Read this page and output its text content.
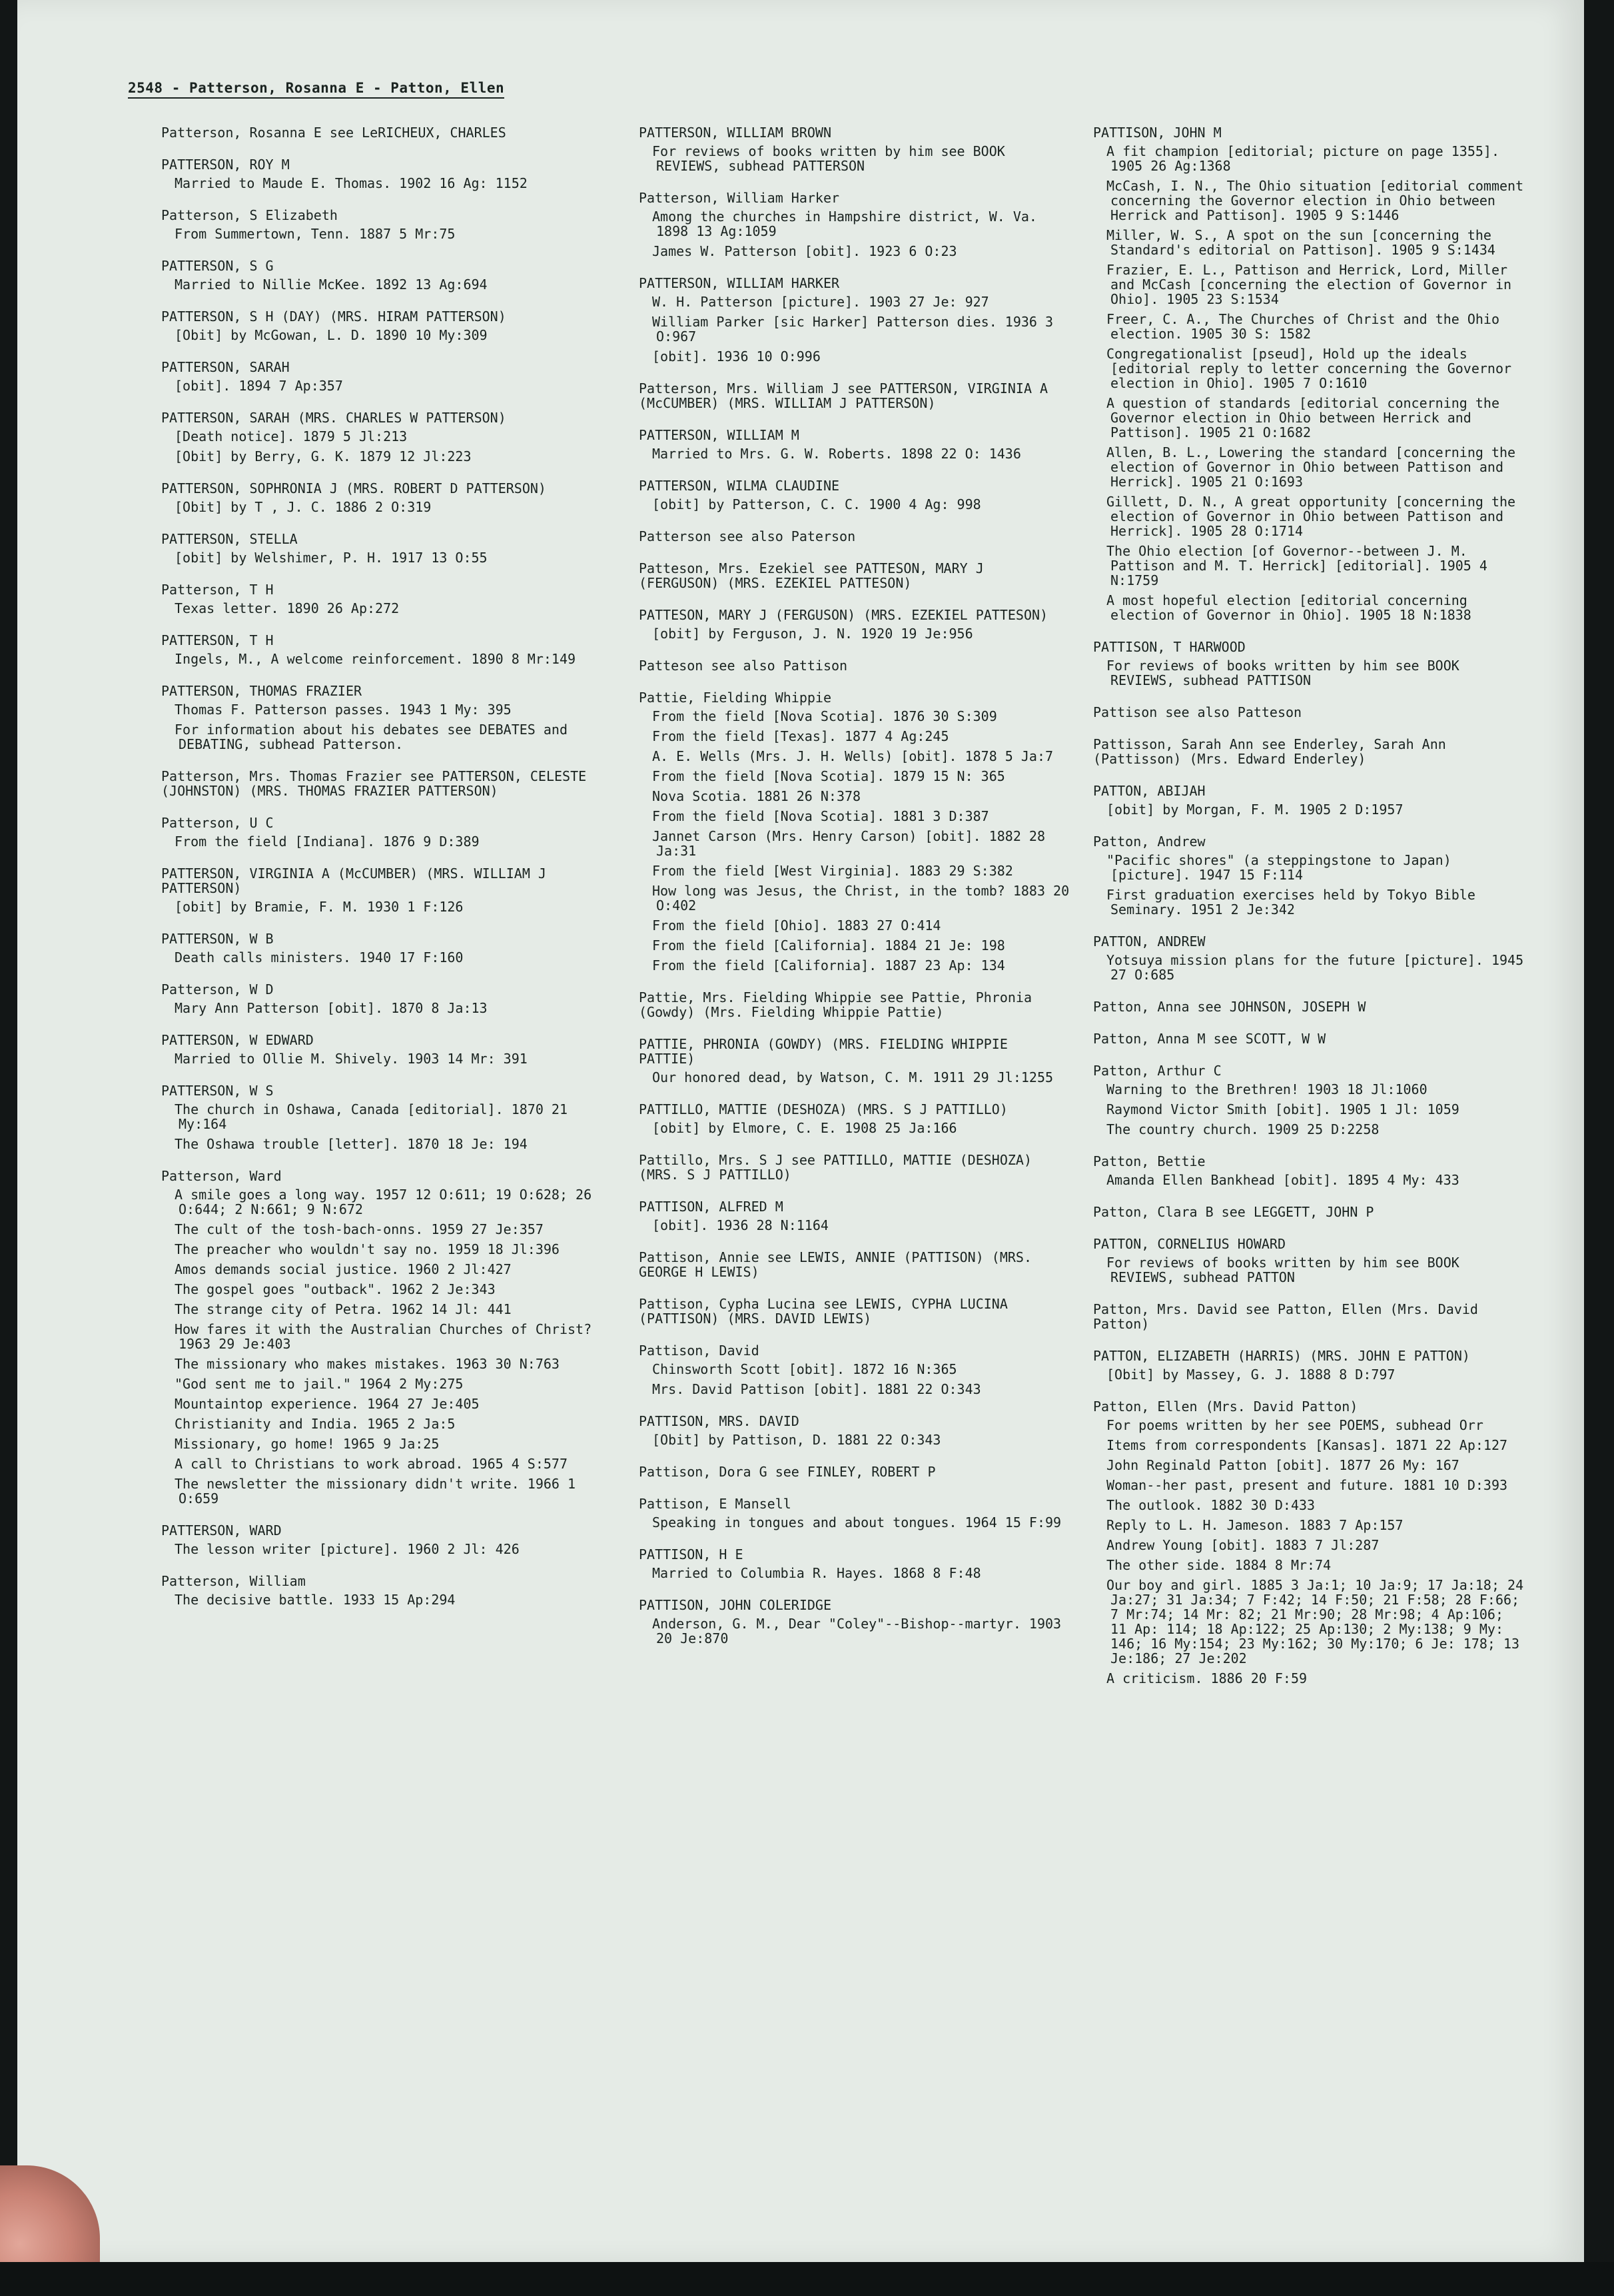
2548 - Patterson, Rosanna E - Patton, Ellen
Patterson, Rosanna E see LeRICHEUX, CHARLES
PATTERSON, ROY M
Married to Maude E. Thomas. 1902 16 Ag: 1152
Patterson, S Elizabeth
From Summertown, Tenn. 1887 5 Mr:75
PATTERSON, S G
Married to Nillie McKee. 1892 13 Ag:694
PATTERSON, S H (DAY) (MRS. HIRAM PATTERSON)
[Obit] by McGowan, L. D. 1890 10 My:309
PATTERSON, SARAH
[obit]. 1894 7 Ap:357
PATTERSON, SARAH (MRS. CHARLES W PATTERSON)
[Death notice]. 1879 5 Jl:213
[Obit] by Berry, G. K. 1879 12 Jl:223
PATTERSON, SOPHRONIA J (MRS. ROBERT D PATTERSON)
[Obit] by T , J. C. 1886 2 O:319
PATTERSON, STELLA
[obit] by Welshimer, P. H. 1917 13 O:55
Patterson, T H
Texas letter. 1890 26 Ap:272
PATTERSON, T H
Ingels, M., A welcome reinforcement. 1890 8 Mr:149
PATTERSON, THOMAS FRAZIER
Thomas F. Patterson passes. 1943 1 My: 395
For information about his debates see DEBATES and DEBATING, subhead Patterson.
Patterson, Mrs. Thomas Frazier see PATTERSON, CELESTE (JOHNSTON) (MRS. THOMAS FRAZIER PATTERSON)
Patterson, U C
From the field [Indiana]. 1876 9 D:389
PATTERSON, VIRGINIA A (McCUMBER) (MRS. WILLIAM J PATTERSON)
[obit] by Bramie, F. M. 1930 1 F:126
PATTERSON, W B
Death calls ministers. 1940 17 F:160
Patterson, W D
Mary Ann Patterson [obit]. 1870 8 Ja:13
PATTERSON, W EDWARD
Married to Ollie M. Shively. 1903 14 Mr: 391
PATTERSON, W S
The church in Oshawa, Canada [editorial]. 1870 21 My:164
The Oshawa trouble [letter]. 1870 18 Je: 194
Patterson, Ward
A smile goes a long way. 1957 12 O:611; 19 O:628; 26 O:644; 2 N:661; 9 N:672
The cult of the tosh-bach-onns. 1959 27 Je:357
The preacher who wouldn't say no. 1959 18 Jl:396
Amos demands social justice. 1960 2 Jl:427
The gospel goes "outback". 1962 2 Je:343
The strange city of Petra. 1962 14 Jl: 441
How fares it with the Australian Churches of Christ? 1963 29 Je:403
The missionary who makes mistakes. 1963 30 N:763
"God sent me to jail." 1964 2 My:275
Mountaintop experience. 1964 27 Je:405
Christianity and India. 1965 2 Ja:5
Missionary, go home! 1965 9 Ja:25
A call to Christians to work abroad. 1965 4 S:577
The newsletter the missionary didn't write. 1966 1 O:659
PATTERSON, WARD
The lesson writer [picture]. 1960 2 Jl: 426
Patterson, William
The decisive battle. 1933 15 Ap:294
PATTERSON, WILLIAM BROWN
For reviews of books written by him see BOOK REVIEWS, subhead PATTERSON
Patterson, William Harker
Among the churches in Hampshire district, W. Va. 1898 13 Ag:1059
James W. Patterson [obit]. 1923 6 O:23
PATTERSON, WILLIAM HARKER
W. H. Patterson [picture]. 1903 27 Je: 927
William Parker [sic Harker] Patterson dies. 1936 3 O:967
[obit]. 1936 10 O:996
Patterson, Mrs. William J see PATTERSON, VIRGINIA A (McCUMBER) (MRS. WILLIAM J PATTERSON)
PATTERSON, WILLIAM M
Married to Mrs. G. W. Roberts. 1898 22 O: 1436
PATTERSON, WILMA CLAUDINE
[obit] by Patterson, C. C. 1900 4 Ag: 998
Patterson see also Paterson
Patteson, Mrs. Ezekiel see PATTESON, MARY J (FERGUSON) (MRS. EZEKIEL PATTESON)
PATTESON, MARY J (FERGUSON) (MRS. EZEKIEL PATTESON)
[obit] by Ferguson, J. N. 1920 19 Je:956
Patteson see also Pattison
Pattie, Fielding Whippie
From the field [Nova Scotia]. 1876 30 S:309
From the field [Texas]. 1877 4 Ag:245
A. E. Wells (Mrs. J. H. Wells) [obit]. 1878 5 Ja:7
From the field [Nova Scotia]. 1879 15 N: 365
Nova Scotia. 1881 26 N:378
From the field [Nova Scotia]. 1881 3 D:387
Jannet Carson (Mrs. Henry Carson) [obit]. 1882 28 Ja:31
From the field [West Virginia]. 1883 29 S:382
How long was Jesus, the Christ, in the tomb? 1883 20 O:402
From the field [Ohio]. 1883 27 O:414
From the field [California]. 1884 21 Je: 198
From the field [California]. 1887 23 Ap: 134
Pattie, Mrs. Fielding Whippie see Pattie, Phronia (Gowdy) (Mrs. Fielding Whippie Pattie)
PATTIE, PHRONIA (GOWDY) (MRS. FIELDING WHIPPIE PATTIE)
Our honored dead, by Watson, C. M. 1911 29 Jl:1255
PATTILLO, MATTIE (DESHOZA) (MRS. S J PATTILLO)
[obit] by Elmore, C. E. 1908 25 Ja:166
Pattillo, Mrs. S J see PATTILLO, MATTIE (DESHOZA) (MRS. S J PATTILLO)
PATTISON, ALFRED M
[obit]. 1936 28 N:1164
Pattison, Annie see LEWIS, ANNIE (PATTISON) (MRS. GEORGE H LEWIS)
Pattison, Cypha Lucina see LEWIS, CYPHA LUCINA (PATTISON) (MRS. DAVID LEWIS)
Pattison, David
Chinsworth Scott [obit]. 1872 16 N:365
Mrs. David Pattison [obit]. 1881 22 O:343
PATTISON, MRS. DAVID
[Obit] by Pattison, D. 1881 22 O:343
Pattison, Dora G see FINLEY, ROBERT P
Pattison, E Mansell
Speaking in tongues and about tongues. 1964 15 F:99
PATTISON, H E
Married to Columbia R. Hayes. 1868 8 F:48
PATTISON, JOHN COLERIDGE
Anderson, G. M., Dear "Coley"--Bishop--martyr. 1903 20 Je:870
PATTISON, JOHN M
A fit champion [editorial; picture on page 1355]. 1905 26 Ag:1368
McCash, I. N., The Ohio situation [editorial comment concerning the Governor election in Ohio between Herrick and Pattison]. 1905 9 S:1446
Miller, W. S., A spot on the sun [concerning the Standard's editorial on Pattison]. 1905 9 S:1434
Frazier, E. L., Pattison and Herrick, Lord, Miller and McCash [concerning the election of Governor in Ohio]. 1905 23 S:1534
Freer, C. A., The Churches of Christ and the Ohio election. 1905 30 S: 1582
Congregationalist [pseud], Hold up the ideals [editorial reply to letter concerning the Governor election in Ohio]. 1905 7 O:1610
A question of standards [editorial concerning the Governor election in Ohio between Herrick and Pattison]. 1905 21 O:1682
Allen, B. L., Lowering the standard [concerning the election of Governor in Ohio between Pattison and Herrick]. 1905 21 O:1693
Gillett, D. N., A great opportunity [concerning the election of Governor in Ohio between Pattison and Herrick]. 1905 28 O:1714
The Ohio election [of Governor--between J. M. Pattison and M. T. Herrick] [editorial]. 1905 4 N:1759
A most hopeful election [editorial concerning election of Governor in Ohio]. 1905 18 N:1838
PATTISON, T HARWOOD
For reviews of books written by him see BOOK REVIEWS, subhead PATTISON
Pattison see also Patteson
Pattisson, Sarah Ann see Enderley, Sarah Ann (Pattisson) (Mrs. Edward Enderley)
PATTON, ABIJAH
[obit] by Morgan, F. M. 1905 2 D:1957
Patton, Andrew
"Pacific shores" (a steppingstone to Japan) [picture]. 1947 15 F:114
First graduation exercises held by Tokyo Bible Seminary. 1951 2 Je:342
PATTON, ANDREW
Yotsuya mission plans for the future [picture]. 1945 27 O:685
Patton, Anna see JOHNSON, JOSEPH W
Patton, Anna M see SCOTT, W W
Patton, Arthur C
Warning to the Brethren! 1903 18 Jl:1060
Raymond Victor Smith [obit]. 1905 1 Jl: 1059
The country church. 1909 25 D:2258
Patton, Bettie
Amanda Ellen Bankhead [obit]. 1895 4 My: 433
Patton, Clara B see LEGGETT, JOHN P
PATTON, CORNELIUS HOWARD
For reviews of books written by him see BOOK REVIEWS, subhead PATTON
Patton, Mrs. David see Patton, Ellen (Mrs. David Patton)
PATTON, ELIZABETH (HARRIS) (MRS. JOHN E PATTON)
[Obit] by Massey, G. J. 1888 8 D:797
Patton, Ellen (Mrs. David Patton)
For poems written by her see POEMS, subhead Orr
Items from correspondents [Kansas]. 1871 22 Ap:127
John Reginald Patton [obit]. 1877 26 My: 167
Woman--her past, present and future. 1881 10 D:393
The outlook. 1882 30 D:433
Reply to L. H. Jameson. 1883 7 Ap:157
Andrew Young [obit]. 1883 7 Jl:287
The other side. 1884 8 Mr:74
Our boy and girl. 1885 3 Ja:1; 10 Ja:9; 17 Ja:18; 24 Ja:27; 31 Ja:34; 7 F:42; 14 F:50; 21 F:58; 28 F:66; 7 Mr:74; 14 Mr: 82; 21 Mr:90; 28 Mr:98; 4 Ap:106; 11 Ap: 114; 18 Ap:122; 25 Ap:130; 2 My:138; 9 My: 146; 16 My:154; 23 My:162; 30 My:170; 6 Je: 178; 13 Je:186; 27 Je:202
A criticism. 1886 20 F:59
